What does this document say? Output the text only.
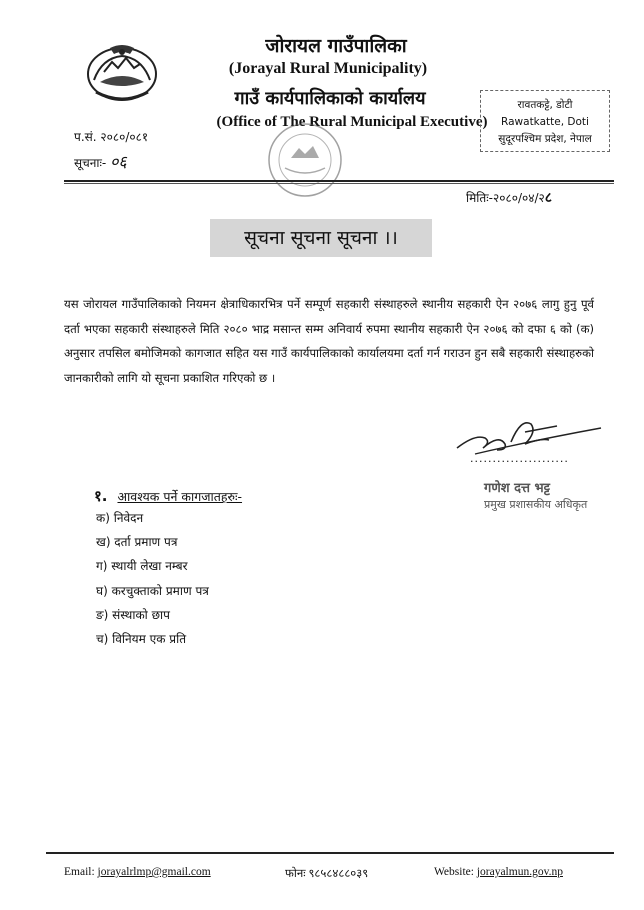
जोरायल गाउँपालिका
(Jorayal Rural Municipality)
गाउँ कार्यपालिकाको कार्यालय
(Office of The Rural Municipal Executive)
रावतकट्टे, डोटी
Rawatkatte, Doti
सुदूरपश्चिम प्रदेश, नेपाल
प.सं. २०८०/०८१
सूचनाः- ०६
मितिः-२०८०/०४/२८
सूचना सूचना सूचना ।।
यस जोरायल गाउँपालिकाको नियमन क्षेत्राधिकारभित्र पर्ने सम्पूर्ण सहकारी संस्थाहरुले स्थानीय सहकारी ऐन २०७६ लागु हुनु पूर्व दर्ता भएका सहकारी संस्थाहरुले मिति २०८० भाद्र मसान्त सम्म अनिवार्य रुपमा स्थानीय सहकारी ऐन २०७६ को दफा ६ को (क) अनुसार तपसिल बमोजिमको कागजात सहित यस गाउँ कार्यपालिकाको कार्यालयमा दर्ता गर्न गराउन हुन सबै सहकारी संस्थाहरुको जानकारीको लागि यो सूचना प्रकाशित गरिएको छ ।
......................
गणेश दत्त भट्ट
प्रमुख प्रशासकीय अधिकृत
१. आवश्यक पर्ने कागजातहरुः-
क) निवेदन
ख) दर्ता प्रमाण पत्र
ग) स्थायी लेखा नम्बर
घ) करचुक्ताको प्रमाण पत्र
ङ) संस्थाको छाप
च) विनियम एक प्रति
Email: jorayalrlmp@gmail.com	फोनः ९८५८४८८०३९	Website: jorayalmun.gov.np
